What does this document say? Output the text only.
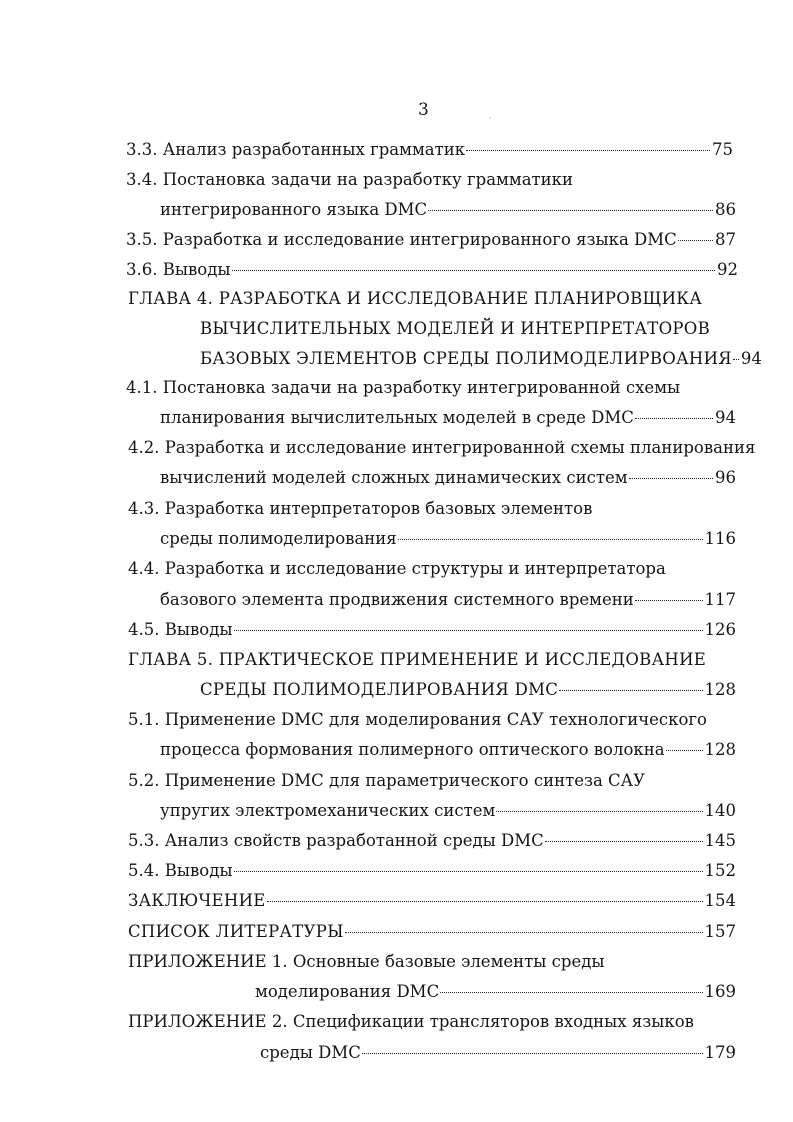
3	·
3.3. Анализ разработанных грамматик	75
3.4. Постановка задачи на разработку грамматики
интегрированного языка DMC	86
3.5. Разработка и исследование интегрированного языка DMC 87
3.6. Выводы	92
ГЛАВА 4. РАЗРАБОТКА И ИССЛЕДОВАНИЕ ПЛАНИРОВЩИКА
ВЫЧИСЛИТЕЛЬНЫХ МОДЕЛЕЙ И ИНТЕРПРЕТАТОРОВ
БАЗОВЫХ ЭЛЕМЕНТОВ СРЕДЫ ПОЛИМОДЕЛИРВОАНИЯ 94
4.1. Постановка задачи на разработку интегрированной схемы
планирования вычислительных моделей в среде DMC	94
4.2. Разработка и исследование интегрированной схемы планирования
вычислений моделей сложных динамических систем	96
4.3. Разработка интерпретаторов базовых элементов
среды полимоделирования	116
4.4. Разработка и исследование структуры и интерпретатора
базового элемента продвижения системного времени	117
4.5. Выводы	126
ГЛАВА 5. ПРАКТИЧЕСКОЕ ПРИМЕНЕНИЕ И ИССЛЕДОВАНИЕ
СРЕДЫ ПОЛИМОДЕЛИРОВАНИЯ DMC	128
5.1. Применение DMC для моделирования САУ технологического
процесса формования полимерного оптического волокна 128
5.2. Применение DMC для параметрического синтеза САУ
упругих электромеханических систем	140
5.3. Анализ свойств разработанной среды DMC	145
5.4. Выводы	152
ЗАКЛЮЧЕНИЕ	154
СПИСОК ЛИТЕРАТУРЫ	157
ПРИЛОЖЕНИЕ 1. Основные базовые элементы среды
моделирования DMC	169
ПРИЛОЖЕНИЕ 2. Спецификации трансляторов входных языков
среды DMC	179
